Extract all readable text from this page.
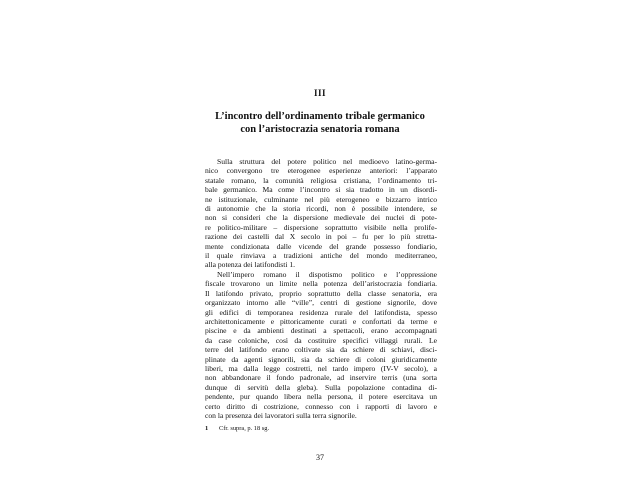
III
L’incontro dell’ordinamento tribale germanico
con l’aristocrazia senatoria romana

Sulla struttura del potere politico nel medioevo latino-germa-
nico convergono tre eterogenee esperienze anteriori: l’apparato
statale romano, la comunità religiosa cristiana, l’ordinamento tri-
bale germanico. Ma come l’incontro si sia tradotto in un disordi-
ne istituzionale, culminante nel più eterogeneo e bizzarro intrico
di autonomie che la storia ricordi, non è possibile intendere, se
non si consideri che la dispersione medievale dei nuclei di pote-
re politico-militare – dispersione soprattutto visibile nella prolife-
razione dei castelli dal X secolo in poi – fu per lo più strettа-
mente condizionata dalle vicende del grande possesso fondiario,
il quale rinviava a tradizioni antiche del mondo mediterraneo,
alla potenza dei latifondisti 1.

Nell’impero romano il dispotismo politico e l’oppressione
fiscale trovarono un limite nella potenza dell’aristocrazia fondiaria.
Il latifondo privato, proprio soprattutto della classe senatoria, era
organizzato intorno alle “ville”, centri di gestione signorile, dove
gli edifici di temporanea residenza rurale del latifondista, spesso
architettonicamente e pittoricamente curati e confortati da terme e
piscine e da ambienti destinati a spettacoli, erano accompagnati
da case coloniche, così da costituire specifici villaggi rurali. Le
terre del latifondo erano coltivate sia da schiere di schiavi, disci-
plinate da agenti signorili, sia da schiere di coloni giuridicamente
liberi, ma dalla legge costretti, nel tardo impero (IV-V secolo), a
non abbandonare il fondo padronale, ad inservire terris (una sorta
dunque di servitù della gleba). Sulla popolazione contadina di-
pendente, pur quando libera nella persona, il potere esercitava un
certo diritto di costrizione, connesso con i rapporti di lavoro e
con la presenza dei lavoratori sulla terra signorile.

1 Cfr. supra, p. 18 sg.
37
